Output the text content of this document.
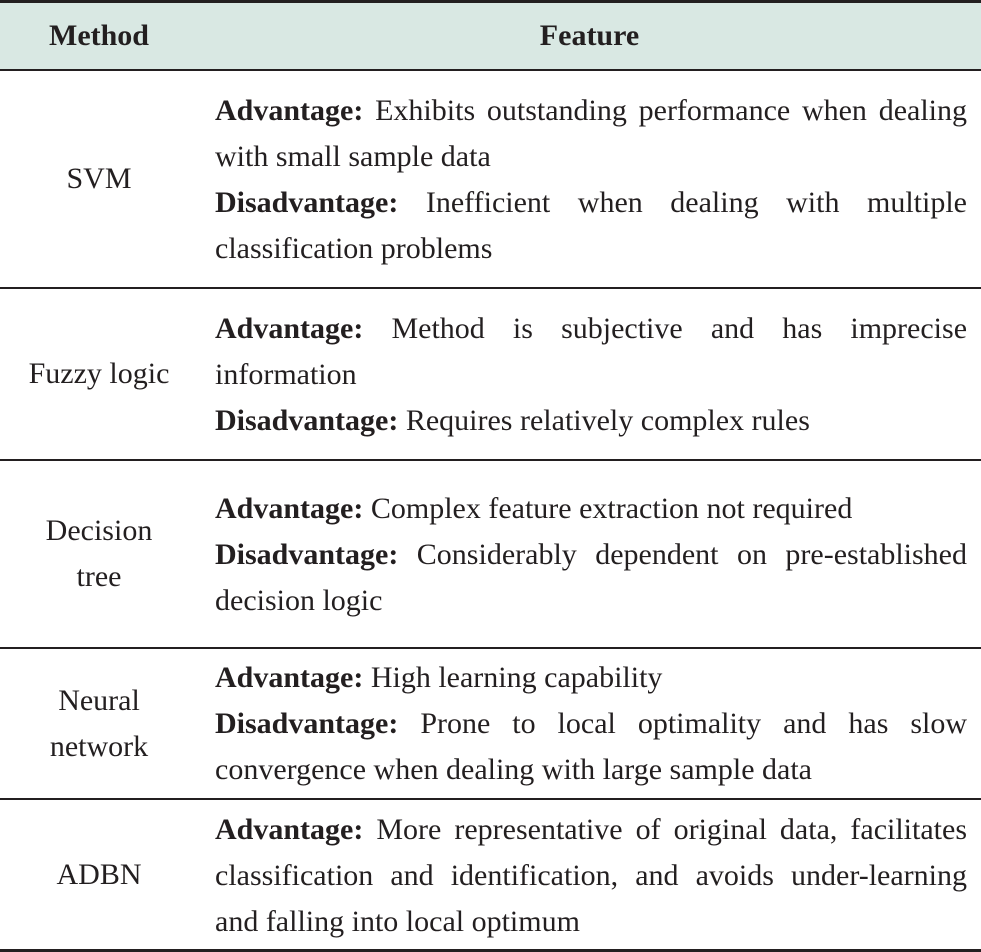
Method	Feature
SVM

Advantage: Exhibits outstanding performance when dealing with small sample data

Disadvantage: Inefficient when dealing with multiple classification problems

Fuzzy logic

Advantage: Method is subjective and has imprecise information

Disadvantage: Requires relatively complex rules

Decision
tree

Advantage: Complex feature extraction not required

Disadvantage: Considerably dependent on pre-established decision logic

Neural
network

Advantage: High learning capability

Disadvantage: Prone to local optimality and has slow convergence when dealing with large sample data

ADBN

Advantage: More representative of original data, facilitates classification and identification, and avoids under-learning and falling into local optimum
